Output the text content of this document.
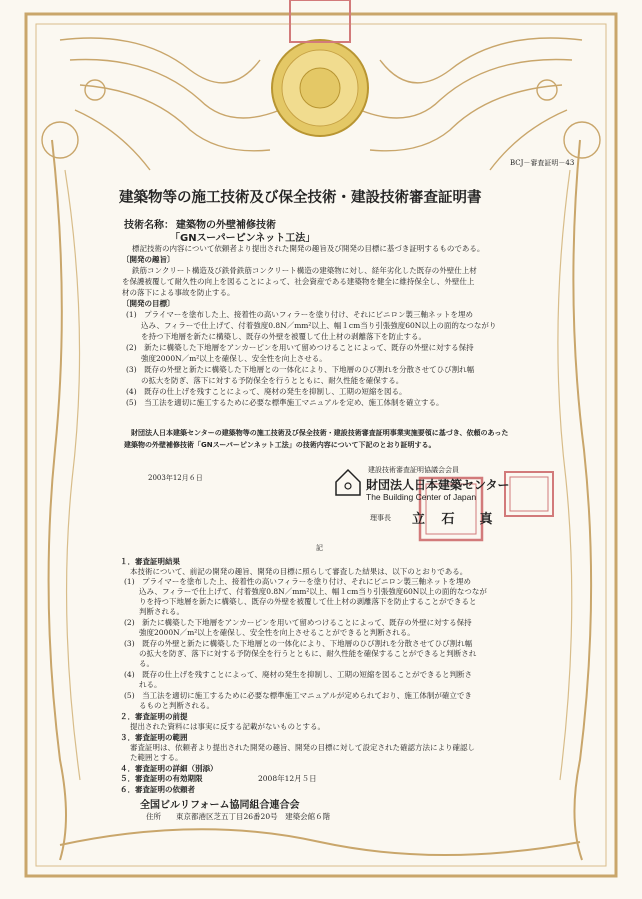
BCJ－審査証明－43
建築物等の施工技術及び保全技術・建設技術審査証明書
技術名称： 建築物の外壁補修技術
「GNスーパーピンネット工法」
標記技術の内容について依頼者より提出された開発の趣旨及び開発の目標に基づき証明するものである。
〔開発の趣旨〕
鉄筋コンクリート構造及び鉄骨鉄筋コンクリート構造の建築物に対し、経年劣化した既存の外壁仕上材
を保護被覆して耐久性の向上を図ることによって、社会資産である建築物を健全に維持保全し、外壁仕上
材の落下による事故を防止する。
〔開発の目標〕
(1)　プライマーを塗布した上、接着性の高いフィラーを塗り付け、それにビニロン製三軸ネットを埋め
　　込み、フィラーで仕上げて、付着強度0.8N／mm²以上、幅１cm当り引張強度60N以上の面的なつながり
　　を持つ下地層を新たに構築し、既存の外壁を被覆して仕上材の剥離落下を防止する。
(2)　新たに構築した下地層をアンカーピンを用いて留めつけることによって、既存の外壁に対する保持
　　強度2000N／m²以上を確保し、安全性を向上させる。
(3)　既存の外壁と新たに構築した下地層との一体化により、下地層のひび割れを分散させてひび割れ幅
　　の拡大を防ぎ、落下に対する予防保全を行うとともに、耐久性能を確保する。
(4)　既存の仕上げを残すことによって、廃材の発生を抑制し、工期の短縮を図る。
(5)　当工法を適切に施工するために必要な標準施工マニュアルを定め、施工体制を確立する。
財団法人日本建築センターの建築物等の施工技術及び保全技術・建設技術審査証明事業実施要領に基づき、依頼のあった
建築物の外壁補修技術「GNスーパーピンネット工法」の技術内容について下記のとおり証明する。
2003年12月６日
建設技術審査証明協議会会員
財団法人日本建築センター
The Building Center of Japan
理事長 立 石　真
記
１．審査証明結果
本技術について、前記の開発の趣旨、開発の目標に照らして審査した結果は、以下のとおりである。
(1)　プライマーを塗布した上、接着性の高いフィラーを塗り付け、それにビニロン製三軸ネットを埋め
　　込み、フィラーで仕上げて、付着強度0.8N／mm²以上、幅１cm当り引張強度60N以上の面的なつなが
　　りを持つ下地層を新たに構築し、既存の外壁を被覆して仕上材の剥離落下を防止することができると
　　判断される。
(2)　新たに構築した下地層をアンカーピンを用いて留めつけることによって、既存の外壁に対する保持
　　強度2000N／m²以上を確保し、安全性を向上させることができると判断される。
(3)　既存の外壁と新たに構築した下地層との一体化により、下地層のひび割れを分散させてひび割れ幅
　　の拡大を防ぎ、落下に対する予防保全を行うとともに、耐久性能を確保することができると判断され
　　る。
(4)　既存の仕上げを残すことによって、廃材の発生を抑制し、工期の短縮を図ることができると判断さ
　　れる。
(5)　当工法を適切に施工するために必要な標準施工マニュアルが定められており、施工体制が確立でき
　　るものと判断される。
２．審査証明の前提
提出された資料には事実に反する記載がないものとする。
３．審査証明の範囲
審査証明は、依頼者より提出された開発の趣旨、開発の目標に対して設定された確認方法により確認し
た範囲とする。
４．審査証明の詳細（別添）
５．審査証明の有効期限	2008年12月５日
６．審査証明の依頼者
全国ビルリフォーム協同組合連合会
住所 東京都港区芝五丁目26番20号　建築会館６階
